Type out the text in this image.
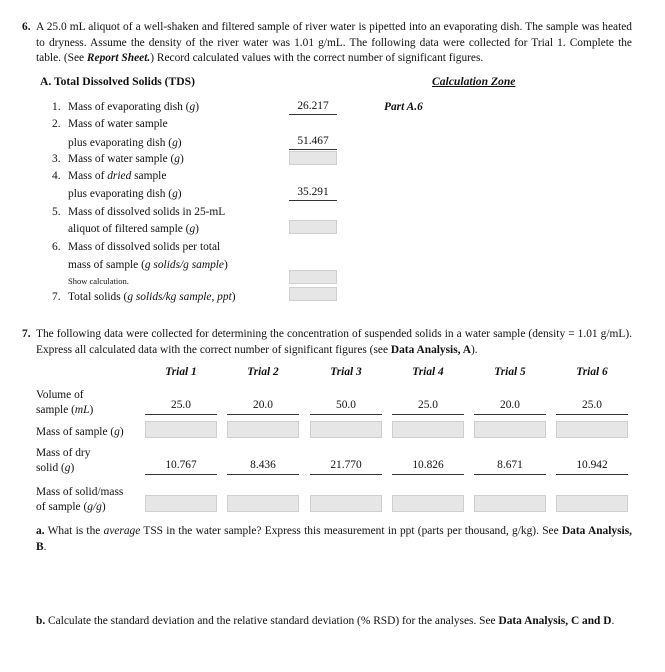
6. A 25.0 mL aliquot of a well-shaken and filtered sample of river water is pipetted into an evaporating dish. The sample was heated to dryness. Assume the density of the river water was 1.01 g/mL. The following data were collected for Trial 1. Complete the table. (See Report Sheet.) Record calculated values with the correct number of significant figures.
A. Total Dissolved Solids (TDS)	Calculation Zone
Part A.6
1. Mass of evaporating dish (g)	26.217
2. Mass of water sample
plus evaporating dish (g)	51.467
3. Mass of water sample (g)
4. Mass of dried sample
plus evaporating dish (g)	35.291
5. Mass of dissolved solids in 25-mL
aliquot of filtered sample (g)
6. Mass of dissolved solids per total
mass of sample (g solids/g sample)
Show calculation.
7. Total solids (g solids/kg sample, ppt)
7. The following data were collected for determining the concentration of suspended solids in a water sample (density = 1.01 g/mL). Express all calculated data with the correct number of significant figures (see Data Analysis, A).
Trial 1	Trial 2	Trial 3	Trial 4	Trial 5	Trial 6
Volume of
sample (mL)	25.0	20.0	50.0	25.0	20.0	25.0
Mass of sample (g)
Mass of dry
solid (g)	10.767	8.436	21.770	10.826	8.671	10.942
Mass of solid/mass
of sample (g/g)
a. What is the average TSS in the water sample? Express this measurement in ppt (parts per thousand, g/kg). See Data Analysis, B.
b. Calculate the standard deviation and the relative standard deviation (% RSD) for the analyses. See Data Analysis, C and D.
